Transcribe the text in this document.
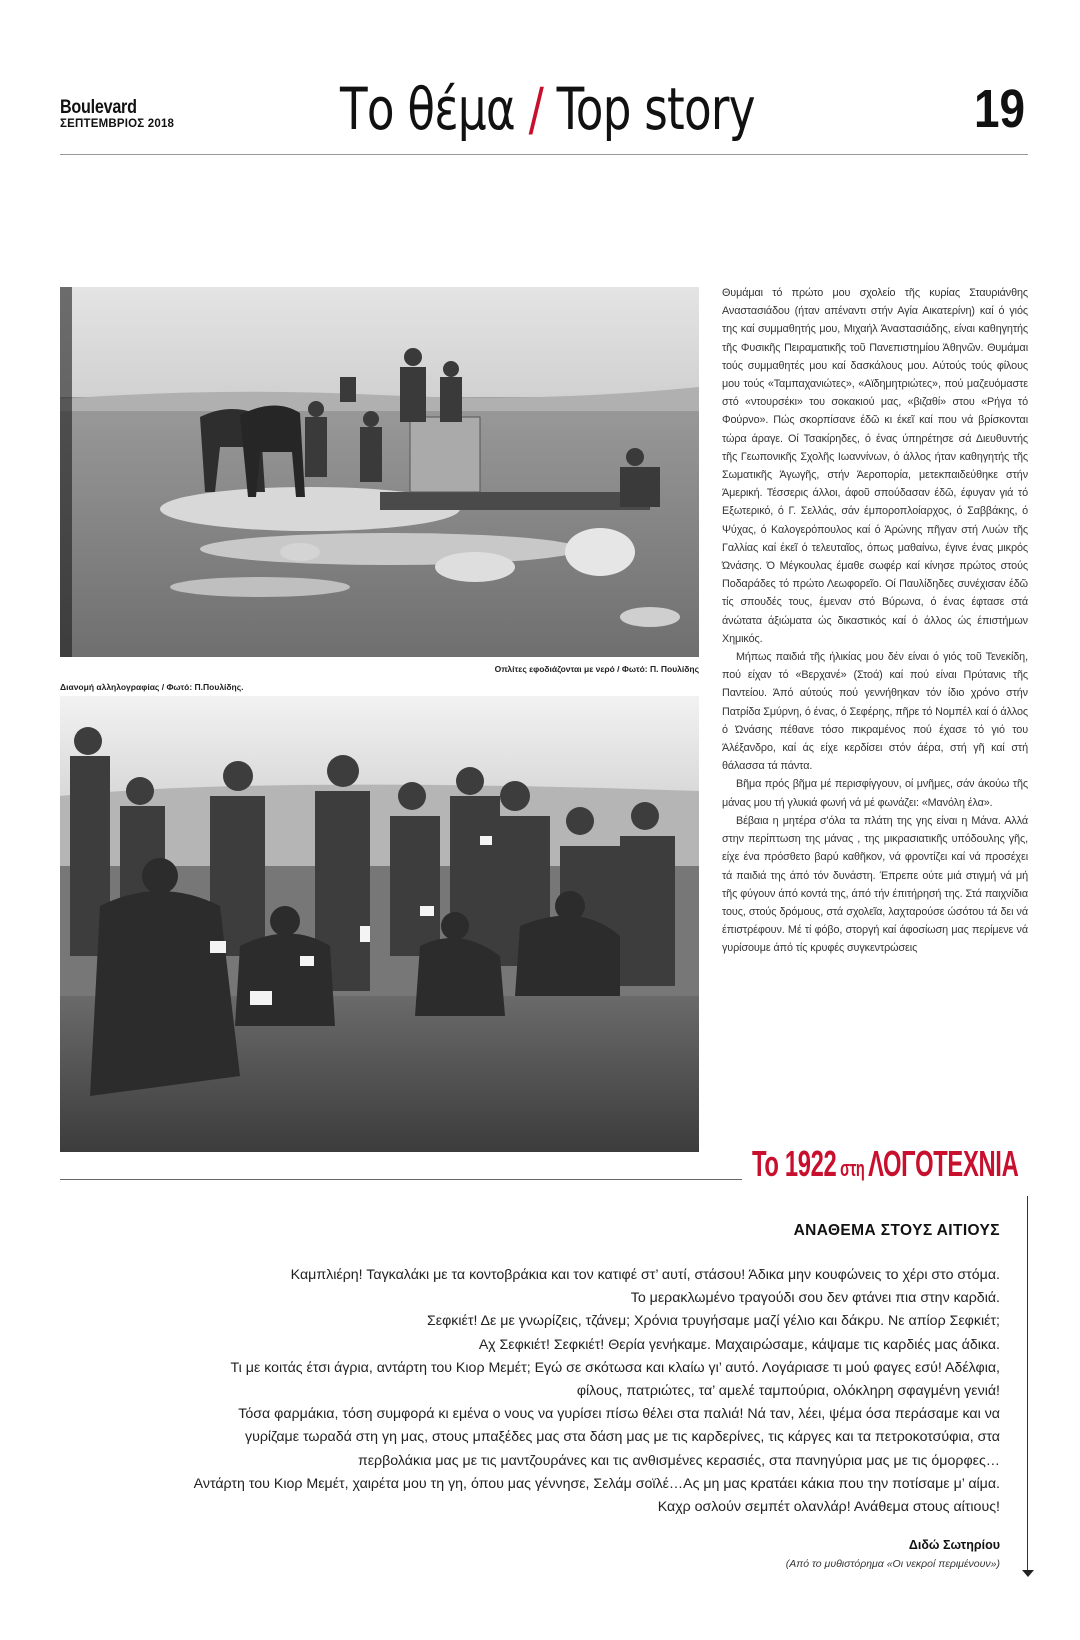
Boulevard
ΣΕΠΤΕΜΒΡΙΟΣ 2018	Το θέμα / Top story	19
Οπλίτες εφοδιάζονται με νερό / Φωτό: Π. Πουλίδης
Διανομή αλληλογραφίας / Φωτό: Π.Πουλίδης.

Θυμάμαι τό πρώτο μου σχολείο τῆς κυρίας Σταυριάνθης Αναστασιάδου (ήταν απέναντι στήν Αγία Αικατερίνη) καί ό γιός της καί συμμαθητής μου, Μιχαήλ Άναστασιάδης, είναι καθηγητής τῆς Φυσικῆς Πειραματικῆς τοῦ Πανεπιστημίου Άθηνῶν. Θυμάμαι τούς συμμαθητές μου καί δασκάλους μου. Αύτούς τούς φίλους μου τούς «Ταμπαχανιώτες», «Αϊδημητριώτες», πού μαζευόμαστε στό «ντουρσέκι» του σοκακιού μας, «βιζαθί» στου «Ρήγα τό Φούρνο». Πώς σκορπίσανε έδῶ κι έκεῖ καί που νά βρίσκονται τώρα άραγε. Οί Τσακίρηδες, ό ένας ύπηρέτησε σά Διευθυντής τῆς Γεωπονικῆς Σχολῆς Ιωαννίνων, ό άλλος ήταν καθηγητής τῆς Σωματικῆς Άγωγῆς, στήν Άεροπορία, μετεκπαιδεύθηκε στήν Άμερική. Τέσσερις άλλοι, άφοῦ σπούδασαν έδῶ, έφυγαν γιά τό Εξωτερικό, ό Γ. Σελλάς, σάν έμποροπλοίαρχος, ό Σαββάκης, ό Ψύχας, ό Καλογερόπουλος καί ό Άρώνης πῆγαν στή Λυών τῆς Γαλλίας καί έκεῖ ό τελευταῖος, όπως μαθαίνω, έγινε ένας μικρός Ώνάσης. Ό Μέγκουλας έμαθε σωφέρ καί κίνησε πρώτος στούς Ποδαράδες τό πρώτο Λεωφορεῖο. Οί Παυλίδηδες συνέχισαν έδῶ τίς σπουδές τους, έμεναν στό Βύρωνα, ό ένας έφτασε στά άνώτατα άξιώματα ώς δικαστικός καί ό άλλος ώς έπιστήμων Χημικός.

Μήπως παιδιά τῆς ήλικίας μου δέν είναι ό γιός τοῦ Τενεκίδη, πού είχαν τό «Βερχανέ» (Στοά) καί πού είναι Πρύτανις τῆς Παντείου. Άπό αύτούς πού γεννήθηκαν τόν ίδιο χρόνο στήν Πατρίδα Σμύρνη, ό ένας, ό Σεφέρης, πῆρε τό Νομπέλ καί ό άλλος ό Ώνάσης πέθανε τόσο πικραμένος πού έχασε τό γιό του Άλέξανδρο, καί άς είχε κερδίσει στόν άέρα, στή γῆ καί στή θάλασσα τά πάντα.

Βῆμα πρός βῆμα μέ περισφίγγουν, οί μνῆμες, σάν άκούω τῆς μάνας μου τή γλυκιά φωνή νά μέ φωνάζει: «Μανόλη έλα».

Βέβαια η μητέρα σ'όλα τα πλάτη της γης είναι η Μάνα. Αλλά στην περίπτωση της μάνας , της μικρασιατικῆς υπόδουλης γῆς, είχε ένα πρόσθετο βαρύ καθῆκον, νά φροντίζει καί νά προσέχει τά παιδιά της άπό τόν δυνάστη. Έπρεπε ούτε μιά στιγμή νά μή τῆς φύγουν άπό κοντά της, άπό τήν έπιτήρησή της. Στά παιχνίδια τους, στούς δρόμους, στά σχολεῖα, λαχταρούσε ώσότου τά δει νά έπιστρέφουν. Μέ τί φόβο, στοργή καί άφοσίωση μας περίμενε νά γυρίσουμε άπό τίς κρυφές συγκεντρώσεις

Το 1922 στη ΛΟΓΟΤΕΧΝΙΑ
ΑΝΑΘΕΜΑ ΣΤΟΥΣ ΑΙΤΙΟΥΣ
Καμπλιέρη! Ταγκαλάκι με τα κοντοβράκια και τον κατιφέ στ’ αυτί, στάσου! Άδικα μην κουφώνεις το χέρι στο στόμα.
Το μερακλωμένο τραγούδι σου δεν φτάνει πια στην καρδιά.
Σεφκιέτ! Δε με γνωρίζεις, τζάνεμ; Χρόνια τρυγήσαμε μαζί γέλιο και δάκρυ. Νε απίορ Σεφκιέτ;
Αχ Σεφκιέτ! Σεφκιέτ! Θερία γενήκαμε. Μαχαιρώσαμε, κάψαμε τις καρδιές μας άδικα.
Τι με κοιτάς έτσι άγρια, αντάρτη του Κιορ Μεμέτ; Εγώ σε σκότωσα και κλαίω γι’ αυτό. Λογάριασε τι μού φαγες εσύ! Αδέλφια,
φίλους, πατριώτες, τα’ αμελέ ταμπούρια, ολόκληρη σφαγμένη γενιά!
Τόσα φαρμάκια, τόση συμφορά κι εμένα ο νους να γυρίσει πίσω θέλει στα παλιά! Νά ταν, λέει, ψέμα όσα περάσαμε και να
γυρίζαμε τωραδά στη γη μας, στους μπαξέδες μας στα δάση μας με τις καρδερίνες, τις κάργες και τα πετροκοτσύφια, στα
περβολάκια μας με τις μαντζουράνες και τις ανθισμένες κερασιές, στα πανηγύρια μας με τις όμορφες…
Αντάρτη του Κιορ Μεμέτ, χαιρέτα μου τη γη, όπου μας γέννησε, Σελάμ σοϊλέ…Ας μη μας κρατάει κάκια που την ποτίσαμε μ’ αίμα.
Καχρ οσλούν σεμπέτ ολανλάρ! Ανάθεμα στους αίτιους!
Διδώ Σωτηρίου
(Από το μυθιστόρημα «Οι νεκροί περιμένουν»)
